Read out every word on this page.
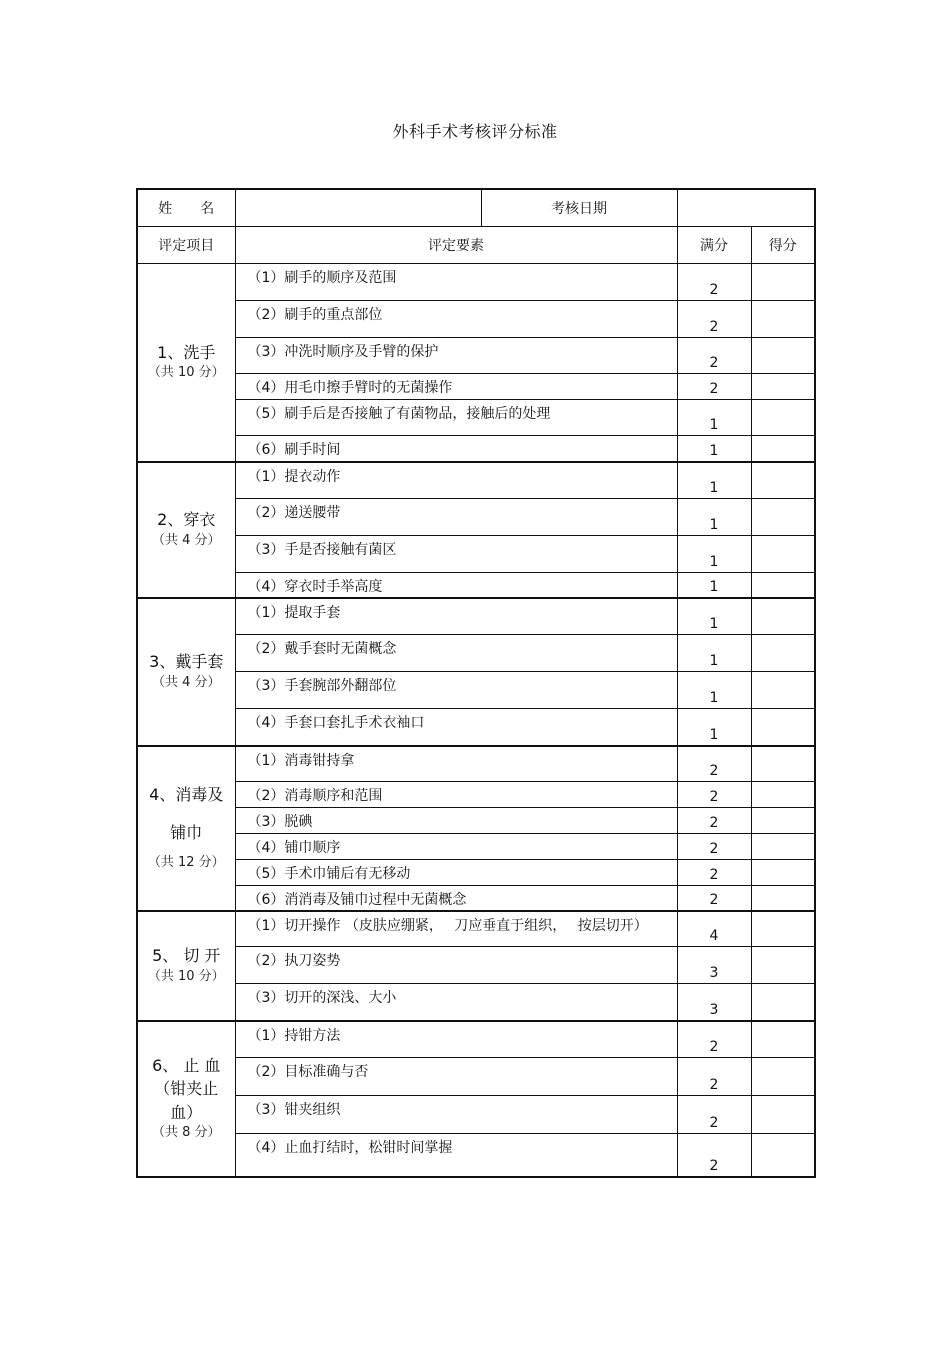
外科手术考核评分标准
姓　　名		考核日期		
评定项目	评定要素		满分	得分

1、洗手
（共 10 分）	（1）刷手的顺序及范围		2	
	（2）刷手的重点部位		2	
	（3）冲洗时顺序及手臂的保护		2	
	（4）用毛巾擦手臂时的无菌操作		2	
	（5）刷手后是否接触了有菌物品，接触后的处理		1	
	（6）刷手时间		1	

2、穿衣
（共 4 分）	（1）提衣动作		1	
	（2）递送腰带		1	
	（3）手是否接触有菌区		1	
	（4）穿衣时手举高度		1	

3、戴手套
（共 4 分）	（1）提取手套		1	
	（2）戴手套时无菌概念		1	
	（3）手套腕部外翻部位		1	
	（4）手套口套扎手术衣袖口		1	

4、消毒及
铺巾
（共 12 分）	（1）消毒钳持拿		2	
	（2）消毒顺序和范围		2	
	（3）脱碘		2	
	（4）铺巾顺序		2	
	（5）手术巾铺后有无移动		2	
	（6）消消毒及铺巾过程中无菌概念		2	

5、 切 开
（共 10 分）	（1）切开操作 （皮肤应绷紧，　 刀应垂直于组织，　 按层切开）		4	
	（2）执刀姿势		3	
	（3）切开的深浅、大小		3	

6、 止 血
（钳夹止
血）
（共 8 分）	（1）持钳方法		2	
	（2）目标准确与否		2	
	（3）钳夹组织		2	
	（4）止血打结时，松钳时间掌握		2	
